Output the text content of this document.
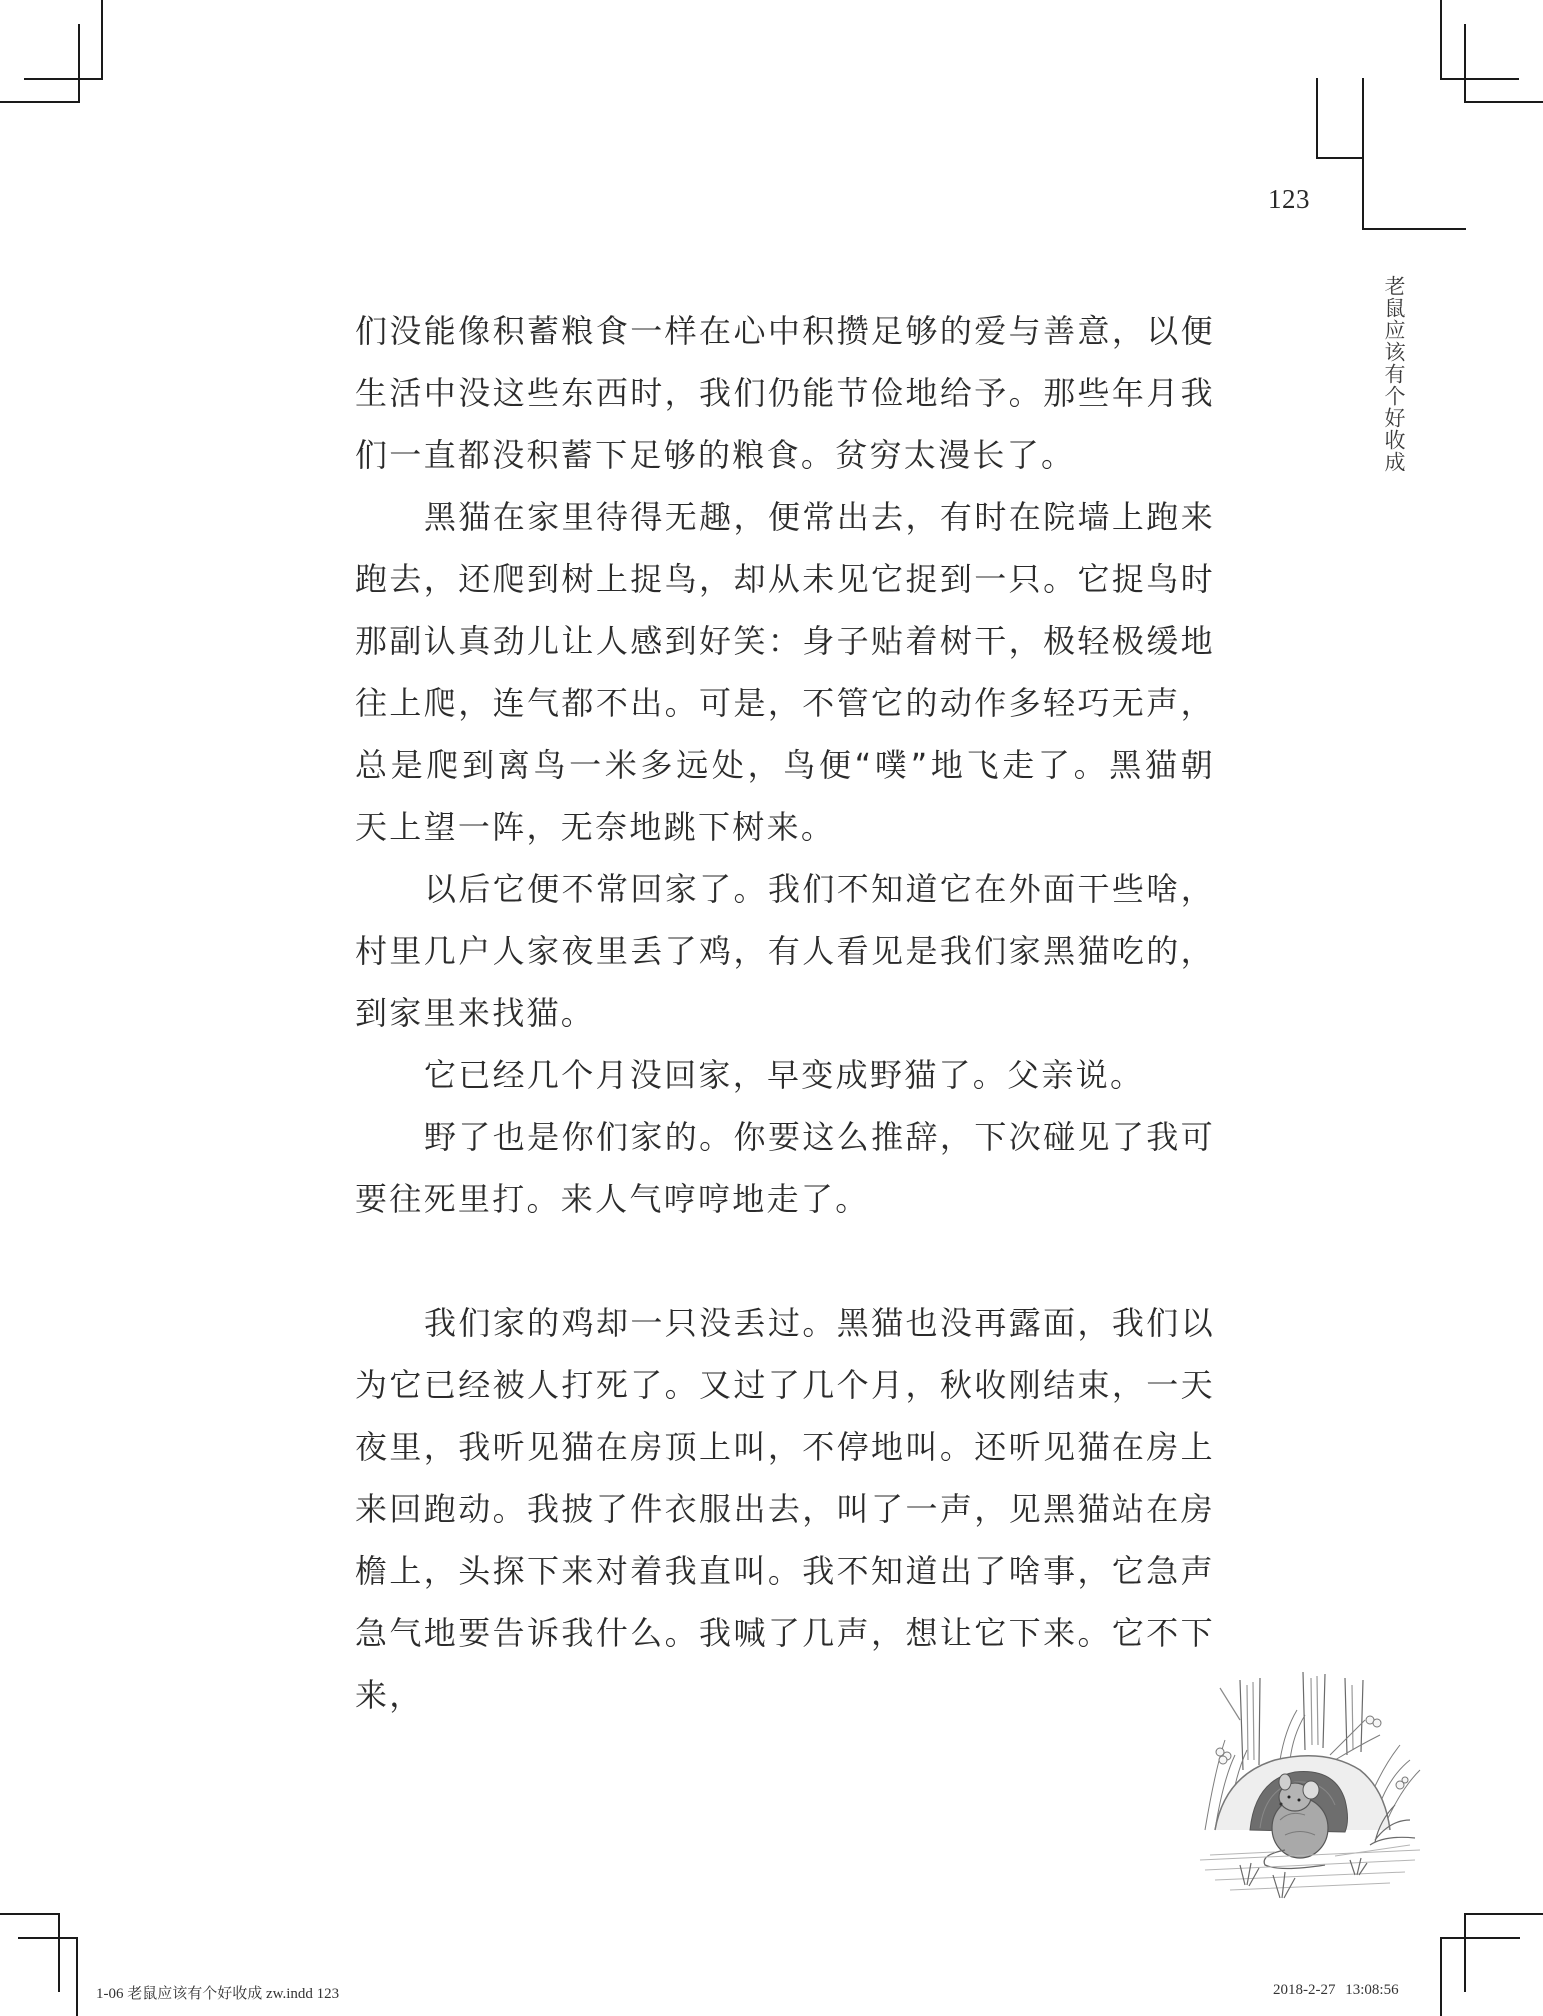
123
老鼠应该有个好收成

们没能像积蓄粮食一样在心中积攒足够的爱与善意，以便生活中没这些东西时，我们仍能节俭地给予。那些年月我们一直都没积蓄下足够的粮食。贫穷太漫长了。

黑猫在家里待得无趣，便常出去，有时在院墙上跑来跑去，还爬到树上捉鸟，却从未见它捉到一只。它捉鸟时那副认真劲儿让人感到好笑：身子贴着树干，极轻极缓地往上爬，连气都不出。可是，不管它的动作多轻巧无声，总是爬到离鸟一米多远处，鸟便“噗”地飞走了。黑猫朝天上望一阵，无奈地跳下树来。

以后它便不常回家了。我们不知道它在外面干些啥，村里几户人家夜里丢了鸡，有人看见是我们家黑猫吃的，到家里来找猫。

它已经几个月没回家，早变成野猫了。父亲说。

野了也是你们家的。你要这么推辞，下次碰见了我可要往死里打。来人气哼哼地走了。

我们家的鸡却一只没丢过。黑猫也没再露面，我们以为它已经被人打死了。又过了几个月，秋收刚结束，一天夜里，我听见猫在房顶上叫，不停地叫。还听见猫在房上来回跑动。我披了件衣服出去，叫了一声，见黑猫站在房檐上，头探下来对着我直叫。我不知道出了啥事，它急声急气地要告诉我什么。我喊了几声，想让它下来。它不下来，

1-06 老鼠应该有个好收成 zw.indd 123	2018-2-27 13:08:56
